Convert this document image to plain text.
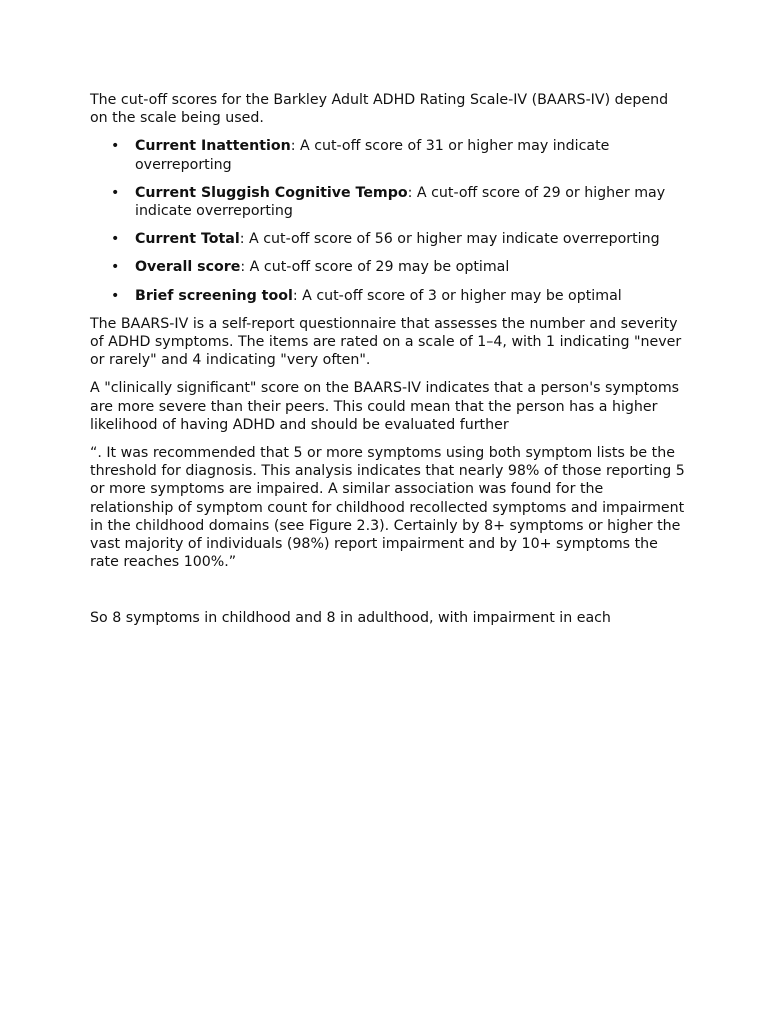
The cut-off scores for the Barkley Adult ADHD Rating Scale-IV (BAARS-IV) depend on the scale being used.

• Current Inattention: A cut-off score of 31 or higher may indicate overreporting
• Current Sluggish Cognitive Tempo: A cut-off score of 29 or higher may indicate overreporting
• Current Total: A cut-off score of 56 or higher may indicate overreporting
• Overall score: A cut-off score of 29 may be optimal
• Brief screening tool: A cut-off score of 3 or higher may be optimal

The BAARS-IV is a self-report questionnaire that assesses the number and severity of ADHD symptoms. The items are rated on a scale of 1–4, with 1 indicating "never or rarely" and 4 indicating "very often".

A "clinically significant" score on the BAARS-IV indicates that a person's symptoms are more severe than their peers. This could mean that the person has a higher likelihood of having ADHD and should be evaluated further

“. It was recommended that 5 or more symptoms using both symptom lists be the threshold for diagnosis. This analysis indicates that nearly 98% of those reporting 5 or more symptoms are impaired. A similar association was found for the relationship of symptom count for childhood recollected symptoms and impairment in the childhood domains (see Figure 2.3). Certainly by 8+ symptoms or higher the vast majority of individuals (98%) report impairment and by 10+ symptoms the rate reaches 100%.”

So 8 symptoms in childhood and 8 in adulthood, with impairment in each
